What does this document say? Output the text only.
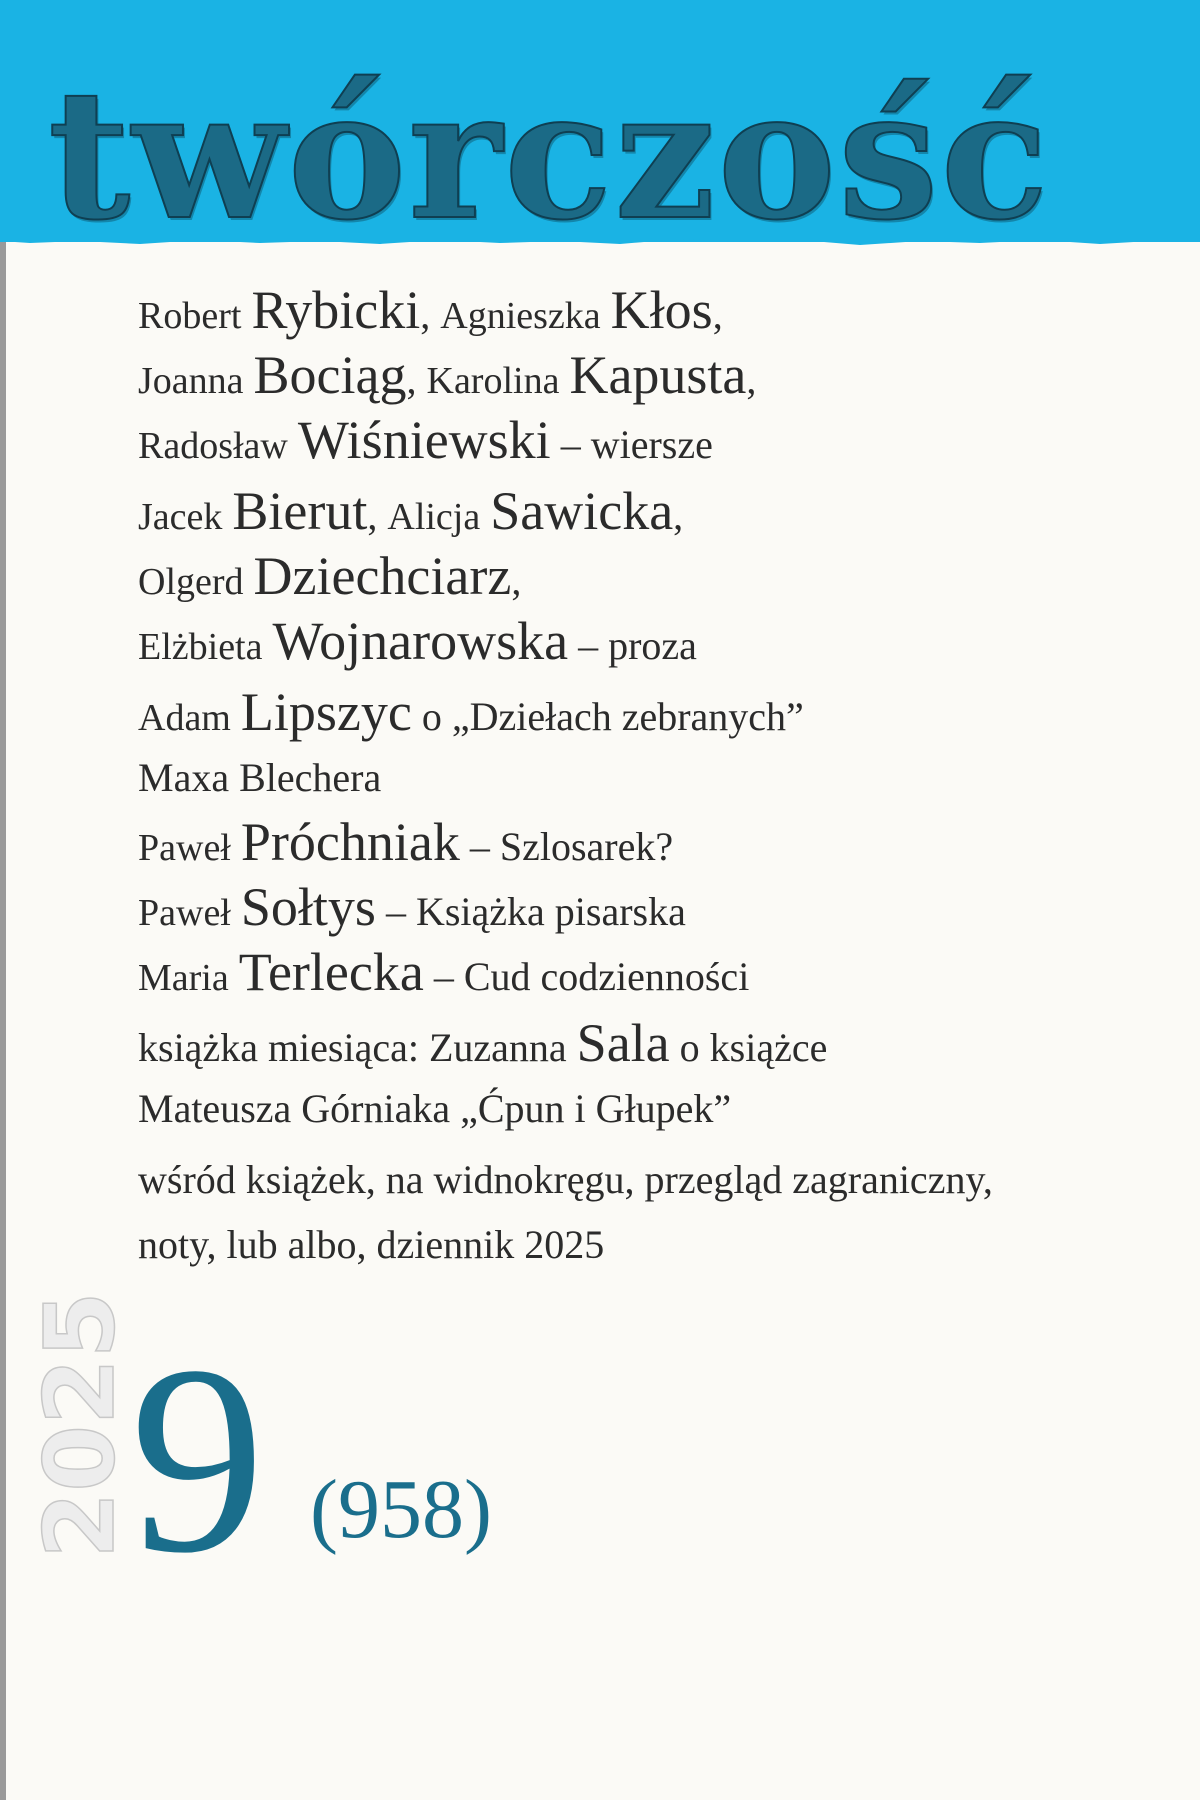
twórczość
Robert Rybicki, Agnieszka Kłos,
Joanna Bociąg, Karolina Kapusta,
Radosław Wiśniewski – wiersze
Jacek Bierut, Alicja Sawicka,
Olgerd Dziechciarz,
Elżbieta Wojnarowska – proza
Adam Lipszyc o „Dziełach zebranych”
Maxa Blechera
Paweł Próchniak – Szlosarek?
Paweł Sołtys – Książka pisarska
Maria Terlecka – Cud codzienności
książka miesiąca: Zuzanna Sala o książce
Mateusza Górniaka „Ćpun i Głupek”
wśród książek, na widnokręgu, przegląd zagraniczny,
noty, lub albo, dziennik 2025
2025
9 (958)
